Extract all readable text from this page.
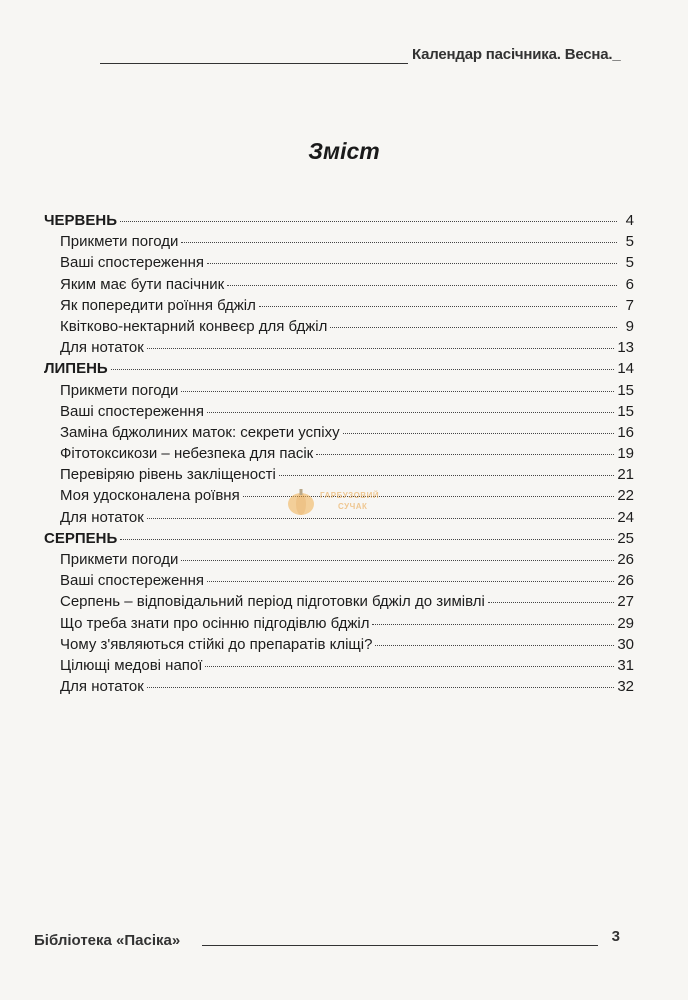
Календар пасічника. Весна. _
Зміст
ЧЕРВЕНЬ	4
Прикмети погоди	5
Ваші спостереження	5
Яким має бути пасічник	6
Як попередити роїння бджіл	7
Квітково-нектарний конвеєр для бджіл	9
Для нотаток	13
ЛИПЕНЬ	14
Прикмети погоди	15
Ваші спостереження	15
Заміна бджолиних маток: секрети успіху	16
Фітотоксикози – небезпека для пасік	19
Перевіряю рівень закліщеності	21
Моя удосконалена роївня	22
Для нотаток	24
СЕРПЕНЬ	25
Прикмети погоди	26
Ваші спостереження	26
Серпень – відповідальний період підготовки бджіл до зимівлі	27
Що треба знати про осінню підгодівлю бджіл	29
Чому з'являються стійкі до препаратів кліщі?	30
Цілющі медові напої	31
Для нотаток	32
ГАРБУЗОВИЙ
СУЧАК
Бібліотека «Пасіка»	3
